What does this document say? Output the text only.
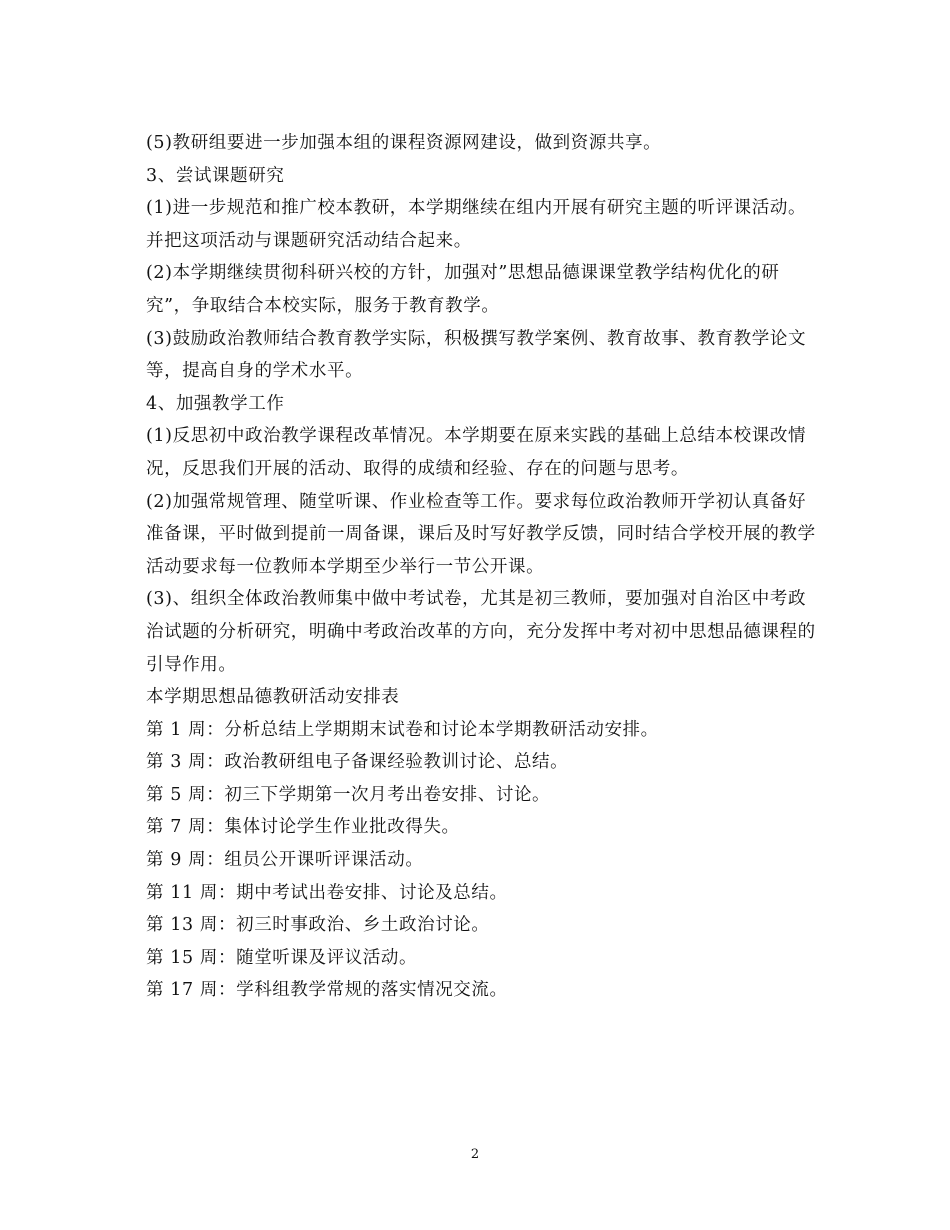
(5)教研组要进一步加强本组的课程资源网建设，做到资源共享。

3、尝试课题研究

(1)进一步规范和推广校本教研，本学期继续在组内开展有研究主题的听评课活动。并把这项活动与课题研究活动结合起来。

(2)本学期继续贯彻科研兴校的方针，加强对”思想品德课课堂教学结构优化的研究”，争取结合本校实际，服务于教育教学。

(3)鼓励政治教师结合教育教学实际，积极撰写教学案例、教育故事、教育教学论文等，提高自身的学术水平。

4、加强教学工作

(1)反思初中政治教学课程改革情况。本学期要在原来实践的基础上总结本校课改情况，反思我们开展的活动、取得的成绩和经验、存在的问题与思考。

(2)加强常规管理、随堂听课、作业检查等工作。要求每位政治教师开学初认真备好准备课，平时做到提前一周备课，课后及时写好教学反馈，同时结合学校开展的教学活动要求每一位教师本学期至少举行一节公开课。

(3)、组织全体政治教师集中做中考试卷，尤其是初三教师，要加强对自治区中考政治试题的分析研究，明确中考政治改革的方向，充分发挥中考对初中思想品德课程的引导作用。

本学期思想品德教研活动安排表

第 1 周：分析总结上学期期末试卷和讨论本学期教研活动安排。

第 3 周：政治教研组电子备课经验教训讨论、总结。

第 5 周：初三下学期第一次月考出卷安排、讨论。

第 7 周：集体讨论学生作业批改得失。

第 9 周：组员公开课听评课活动。

第 11 周：期中考试出卷安排、讨论及总结。

第 13 周：初三时事政治、乡土政治讨论。

第 15 周：随堂听课及评议活动。

第 17 周：学科组教学常规的落实情况交流。

2
